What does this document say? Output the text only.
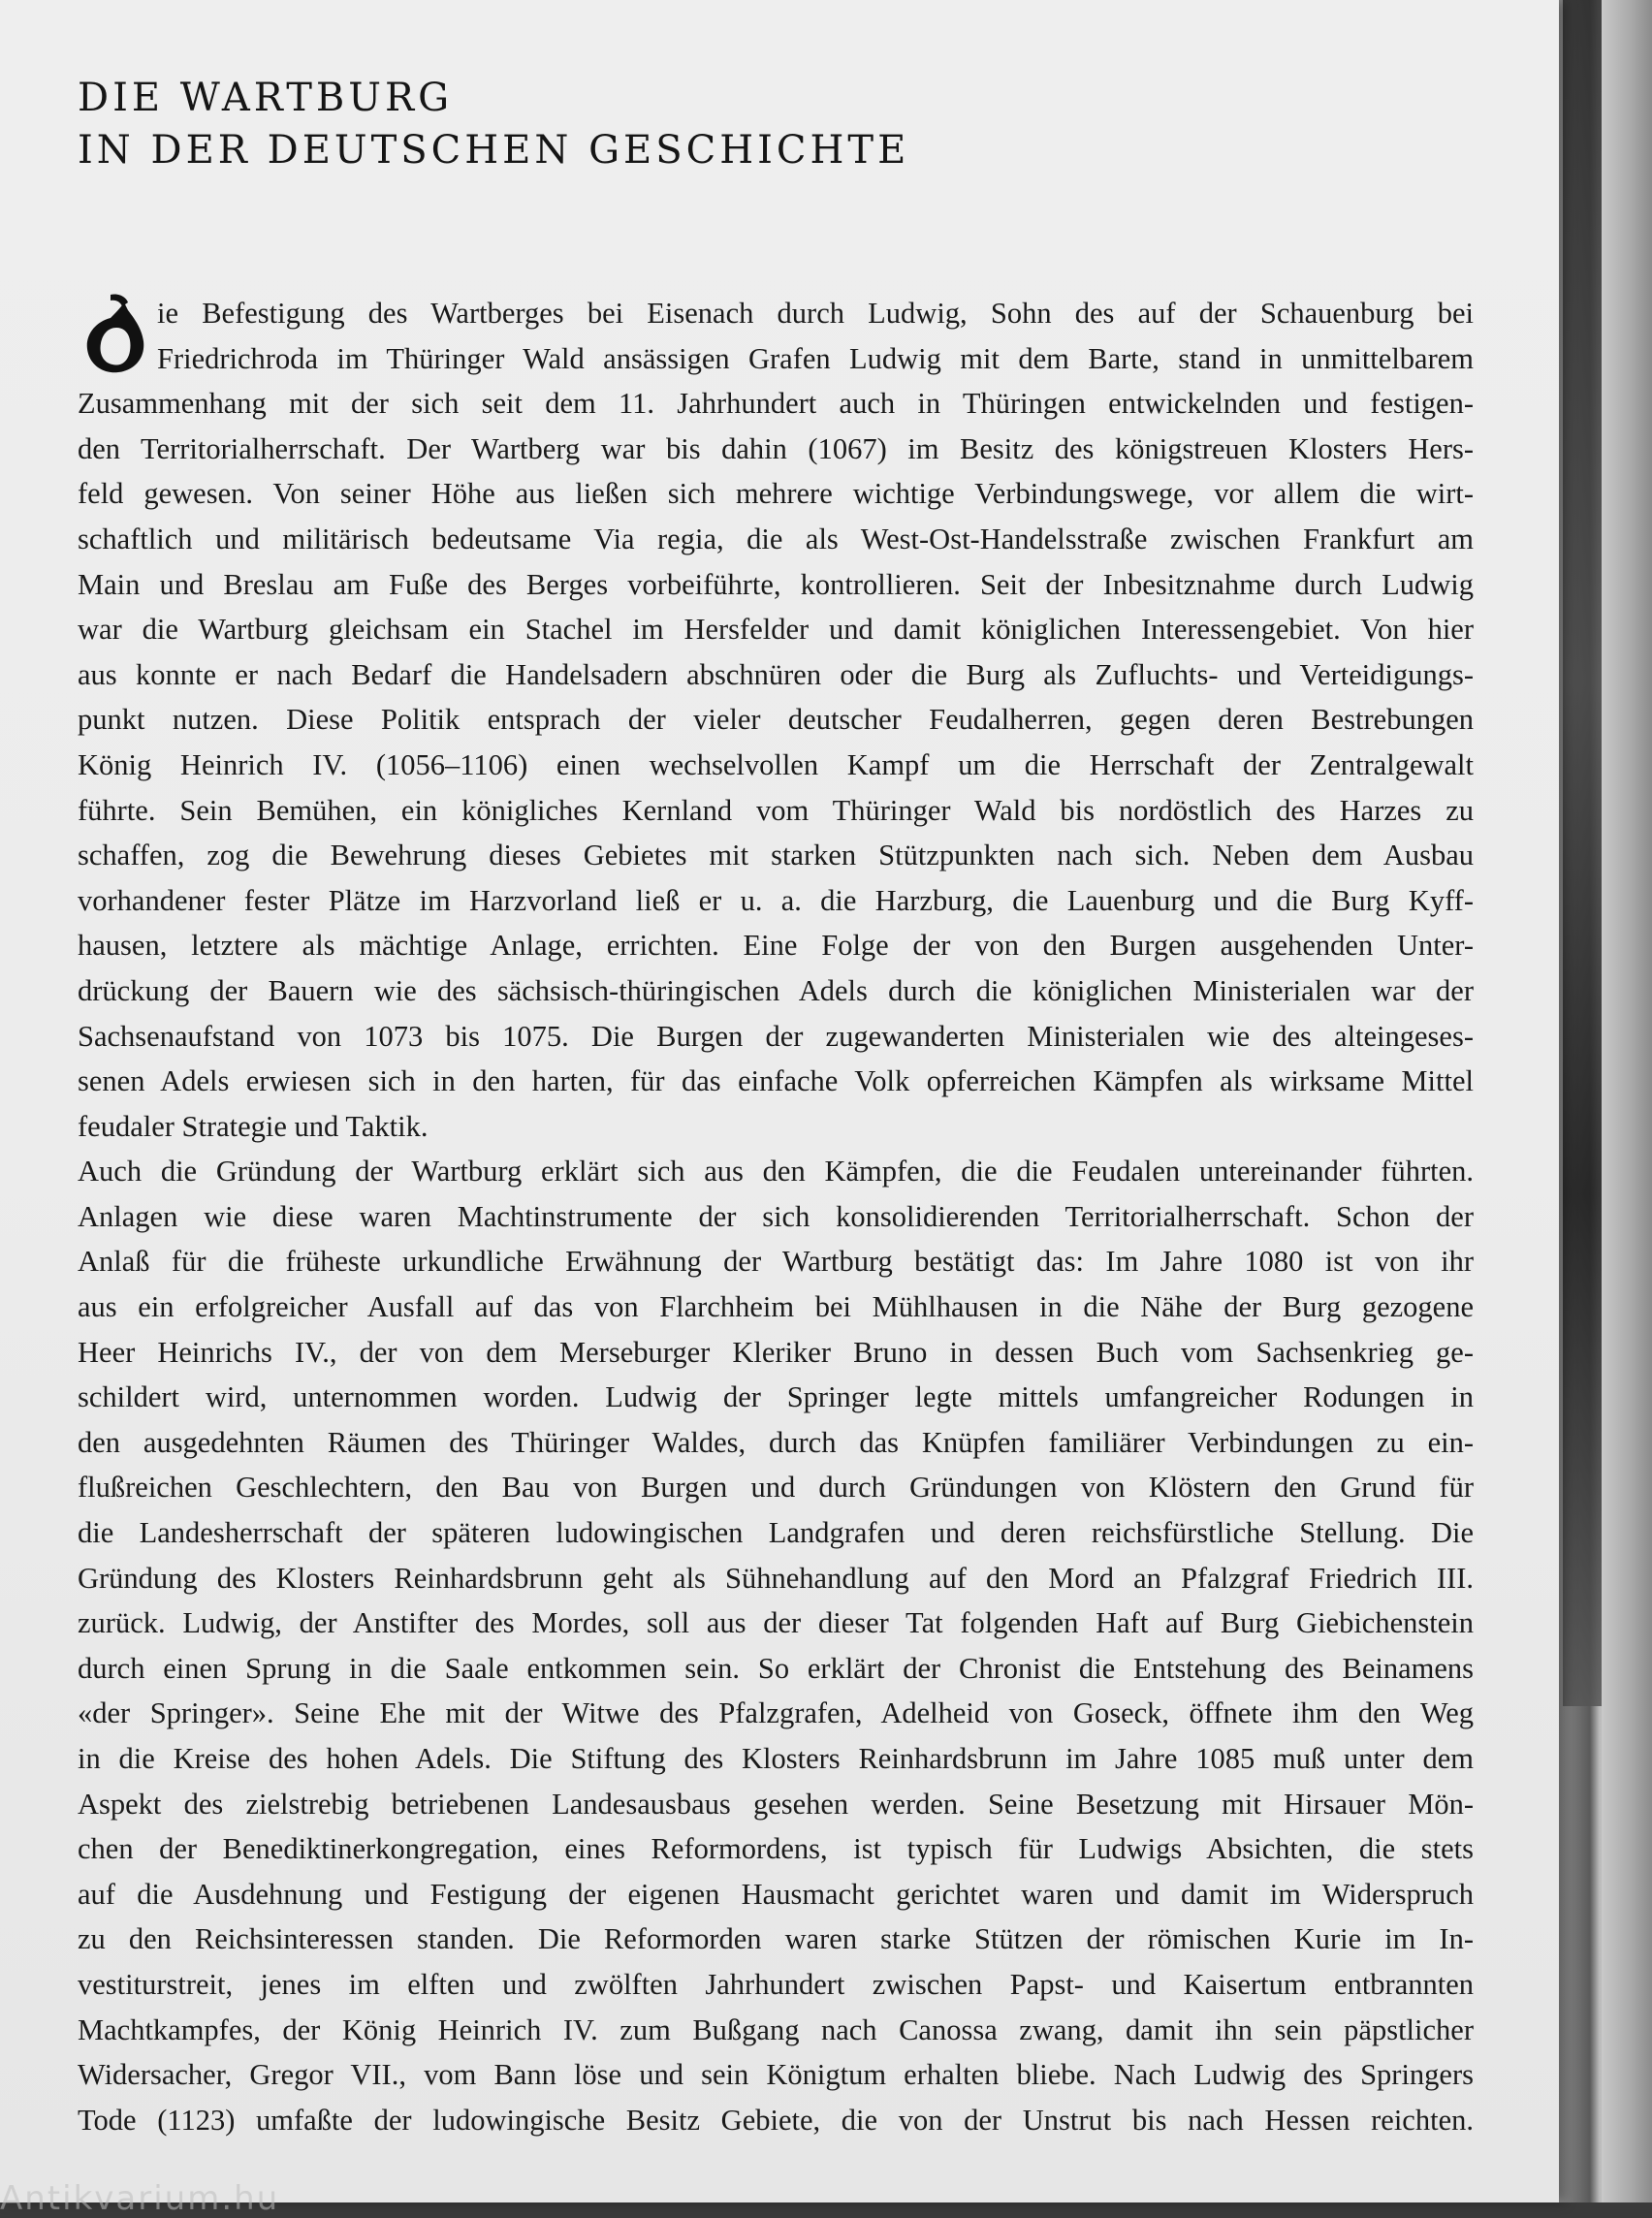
DIE WARTBURG
IN DER DEUTSCHEN GESCHICHTE
D
ie Befestigung des Wartberges bei Eisenach durch Ludwig, Sohn des auf der Schauenburg bei
Friedrichroda im Thüringer Wald ansässigen Grafen Ludwig mit dem Barte, stand in unmittelbarem
Zusammenhang mit der sich seit dem 11. Jahrhundert auch in Thüringen entwickelnden und festigen-
den Territorialherrschaft. Der Wartberg war bis dahin (1067) im Besitz des königstreuen Klosters Hers-
feld gewesen. Von seiner Höhe aus ließen sich mehrere wichtige Verbindungswege, vor allem die wirt-
schaftlich und militärisch bedeutsame Via regia, die als West-Ost-Handelsstraße zwischen Frankfurt am
Main und Breslau am Fuße des Berges vorbeiführte, kontrollieren. Seit der Inbesitznahme durch Ludwig
war die Wartburg gleichsam ein Stachel im Hersfelder und damit königlichen Interessengebiet. Von hier
aus konnte er nach Bedarf die Handelsadern abschnüren oder die Burg als Zufluchts- und Verteidigungs-
punkt nutzen. Diese Politik entsprach der vieler deutscher Feudalherren, gegen deren Bestrebungen
König Heinrich IV. (1056–1106) einen wechselvollen Kampf um die Herrschaft der Zentralgewalt
führte. Sein Bemühen, ein königliches Kernland vom Thüringer Wald bis nordöstlich des Harzes zu
schaffen, zog die Bewehrung dieses Gebietes mit starken Stützpunkten nach sich. Neben dem Ausbau
vorhandener fester Plätze im Harzvorland ließ er u. a. die Harzburg, die Lauenburg und die Burg Kyff-
hausen, letztere als mächtige Anlage, errichten. Eine Folge der von den Burgen ausgehenden Unter-
drückung der Bauern wie des sächsisch-thüringischen Adels durch die königlichen Ministerialen war der
Sachsenaufstand von 1073 bis 1075. Die Burgen der zugewanderten Ministerialen wie des alteingeses-
senen Adels erwiesen sich in den harten, für das einfache Volk opferreichen Kämpfen als wirksame Mittel
feudaler Strategie und Taktik.
Auch die Gründung der Wartburg erklärt sich aus den Kämpfen, die die Feudalen untereinander führten.
Anlagen wie diese waren Machtinstrumente der sich konsolidierenden Territorialherrschaft. Schon der
Anlaß für die früheste urkundliche Erwähnung der Wartburg bestätigt das: Im Jahre 1080 ist von ihr
aus ein erfolgreicher Ausfall auf das von Flarchheim bei Mühlhausen in die Nähe der Burg gezogene
Heer Heinrichs IV., der von dem Merseburger Kleriker Bruno in dessen Buch vom Sachsenkrieg ge-
schildert wird, unternommen worden. Ludwig der Springer legte mittels umfangreicher Rodungen in
den ausgedehnten Räumen des Thüringer Waldes, durch das Knüpfen familiärer Verbindungen zu ein-
flußreichen Geschlechtern, den Bau von Burgen und durch Gründungen von Klöstern den Grund für
die Landesherrschaft der späteren ludowingischen Landgrafen und deren reichsfürstliche Stellung. Die
Gründung des Klosters Reinhardsbrunn geht als Sühnehandlung auf den Mord an Pfalzgraf Friedrich III.
zurück. Ludwig, der Anstifter des Mordes, soll aus der dieser Tat folgenden Haft auf Burg Giebichenstein
durch einen Sprung in die Saale entkommen sein. So erklärt der Chronist die Entstehung des Beinamens
«der Springer». Seine Ehe mit der Witwe des Pfalzgrafen, Adelheid von Goseck, öffnete ihm den Weg
in die Kreise des hohen Adels. Die Stiftung des Klosters Reinhardsbrunn im Jahre 1085 muß unter dem
Aspekt des zielstrebig betriebenen Landesausbaus gesehen werden. Seine Besetzung mit Hirsauer Mön-
chen der Benediktinerkongregation, eines Reformordens, ist typisch für Ludwigs Absichten, die stets
auf die Ausdehnung und Festigung der eigenen Hausmacht gerichtet waren und damit im Widerspruch
zu den Reichsinteressen standen. Die Reformorden waren starke Stützen der römischen Kurie im In-
vestiturstreit, jenes im elften und zwölften Jahrhundert zwischen Papst- und Kaisertum entbrannten
Machtkampfes, der König Heinrich IV. zum Bußgang nach Canossa zwang, damit ihn sein päpstlicher
Widersacher, Gregor VII., vom Bann löse und sein Königtum erhalten bliebe. Nach Ludwig des Springers
Tode (1123) umfaßte der ludowingische Besitz Gebiete, die von der Unstrut bis nach Hessen reichten.
Antikvarium.hu
